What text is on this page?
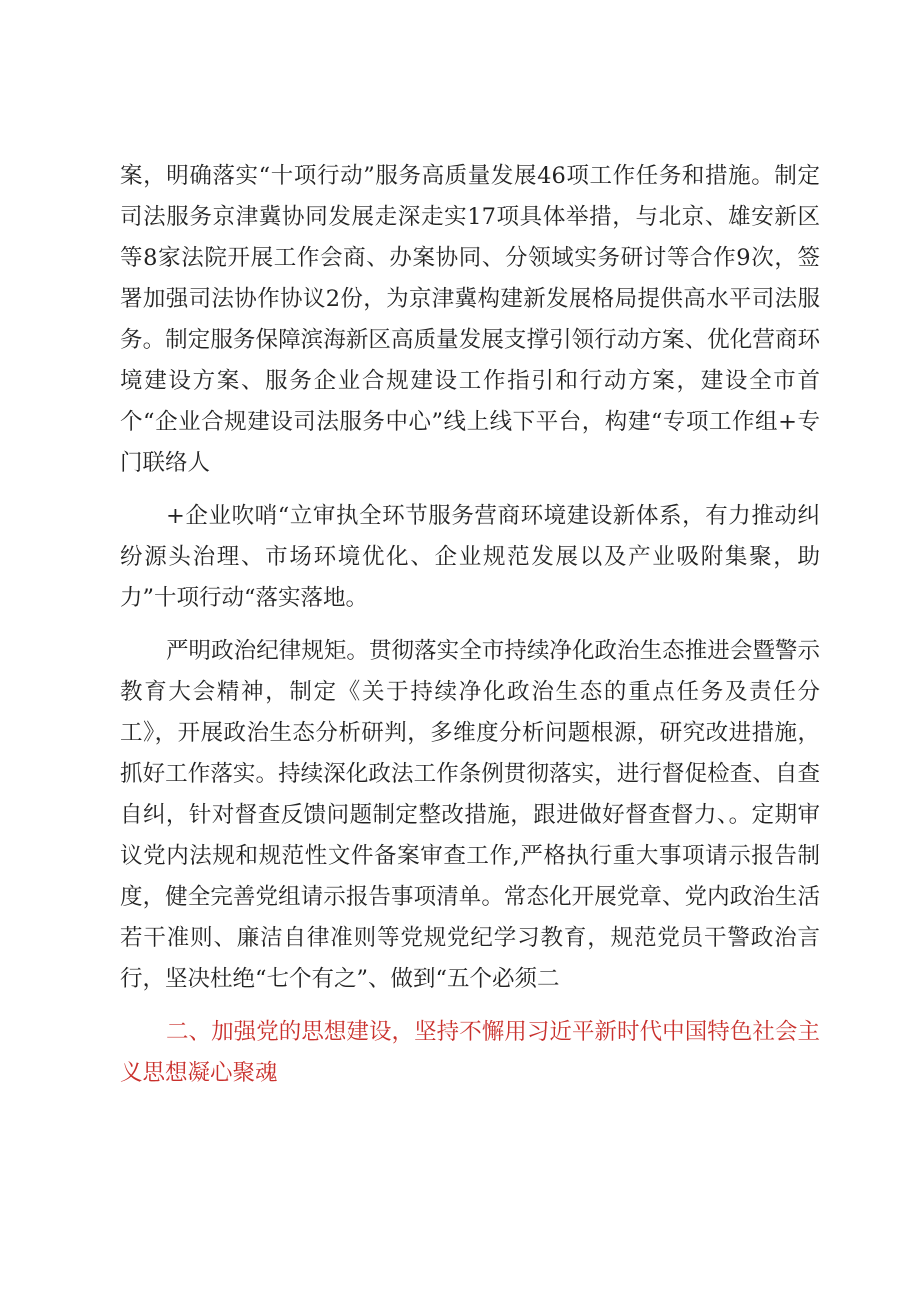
案，明确落实“十项行动”服务高质量发展46项工作任务和措施。制定司法服务京津冀协同发展走深走实17项具体举措，与北京、雄安新区等8家法院开展工作会商、办案协同、分领域实务研讨等合作9次，签署加强司法协作协议2份，为京津冀构建新发展格局提供高水平司法服务。制定服务保障滨海新区高质量发展支撑引领行动方案、优化营商环境建设方案、服务企业合规建设工作指引和行动方案，建设全市首个“企业合规建设司法服务中心”线上线下平台，构建“专项工作组+专门联络人

+企业吹哨“立审执全环节服务营商环境建设新体系，有力推动纠纷源头治理、市场环境优化、企业规范发展以及产业吸附集聚，助力”十项行动“落实落地。

严明政治纪律规矩。贯彻落实全市持续净化政治生态推进会暨警示教育大会精神，制定《关于持续净化政治生态的重点任务及责任分工》，开展政治生态分析研判，多维度分析问题根源，研究改进措施，抓好工作落实。持续深化政法工作条例贯彻落实，进行督促检查、自查自纠，针对督查反馈问题制定整改措施，跟进做好督查督力、。定期审议党内法规和规范性文件备案审查工作,严格执行重大事项请示报告制度，健全完善党组请示报告事项清单。常态化开展党章、党内政治生活若干准则、廉洁自律准则等党规党纪学习教育，规范党员干警政治言行，坚决杜绝“七个有之”、做到“五个必须二

二、加强党的思想建设，坚持不懈用习近平新时代中国特色社会主义思想凝心聚魂
